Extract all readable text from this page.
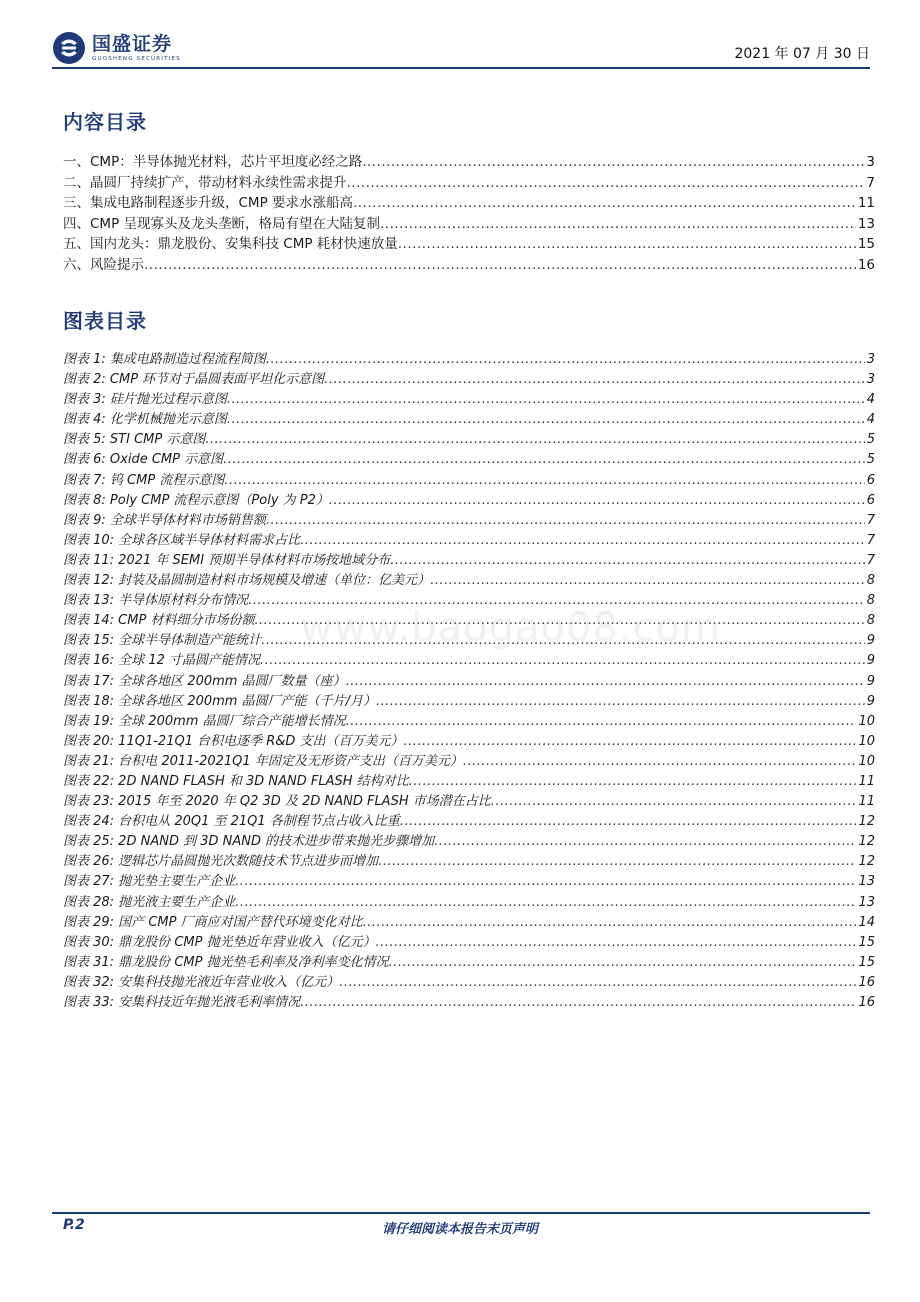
国盛证券
GUOSHENG SECURITIES	2021 年 07 月 30 日
内容目录
一、CMP：半导体抛光材料，芯片平坦度必经之路 .....	3
二、晶圆厂持续扩产，带动材料永续性需求提升 .....	7
三、集成电路制程逐步升级，CMP 要求水涨船高 .....	11
四、CMP 呈现寡头及龙头垄断，格局有望在大陆复制 .....	13
五、国内龙头：鼎龙股份、安集科技 CMP 耗材快速放量 .....	15
六、风险提示 .....	16
图表目录
图表 1: 集成电路制造过程流程简图 .....	3
图表 2: CMP 环节对于晶圆表面平坦化示意图 .....	3
图表 3: 硅片抛光过程示意图 .....	4
图表 4: 化学机械抛光示意图 .....	4
图表 5: STI CMP 示意图 .....	5
图表 6: Oxide CMP 示意图 .....	5
图表 7: 钨 CMP 流程示意图 .....	6
图表 8: Poly CMP 流程示意图（Poly 为 P2） .....	6
图表 9: 全球半导体材料市场销售额 .....	7
图表 10: 全球各区域半导体材料需求占比 .....	7
图表 11: 2021 年 SEMI 预期半导体材料市场按地域分布 .....	7
图表 12: 封装及晶圆制造材料市场规模及增速（单位：亿美元） .....	8
图表 13: 半导体原材料分布情况 .....	8
图表 14: CMP 材料细分市场份额 .....	8
图表 15: 全球半导体制造产能统计 .....	9
图表 16: 全球 12 寸晶圆产能情况 .....	9
图表 17: 全球各地区 200mm 晶圆厂数量（座） .....	9
图表 18: 全球各地区 200mm 晶圆厂产能（千片/月） .....	9
图表 19: 全球 200mm 晶圆厂综合产能增长情况 .....	10
图表 20: 11Q1-21Q1 台积电逐季 R&D 支出（百万美元） .....	10
图表 21: 台积电 2011-2021Q1 年固定及无形资产支出（百万美元） .....	10
图表 22: 2D NAND FLASH 和 3D NAND FLASH 结构对比 .....	11
图表 23: 2015 年至 2020 年 Q2 3D 及 2D NAND FLASH 市场潜在占比 .....	11
图表 24: 台积电从 20Q1 至 21Q1 各制程节点占收入比重 .....	12
图表 25: 2D NAND 到 3D NAND 的技术进步带来抛光步骤增加 .....	12
图表 26: 逻辑芯片晶圆抛光次数随技术节点进步而增加 .....	12
图表 27: 抛光垫主要生产企业 .....	13
图表 28: 抛光液主要生产企业 .....	13
图表 29: 国产 CMP 厂商应对国产替代环境变化对比 .....	14
图表 30: 鼎龙股份 CMP 抛光垫近年营业收入（亿元） .....	15
图表 31: 鼎龙股份 CMP 抛光垫毛利率及净利率变化情况 .....	15
图表 32: 安集科技抛光液近年营业收入（亿元） .....	16
图表 33: 安集科技近年抛光液毛利率情况 .....	16
www.baogao08.com
P.2	请仔细阅读本报告末页声明
